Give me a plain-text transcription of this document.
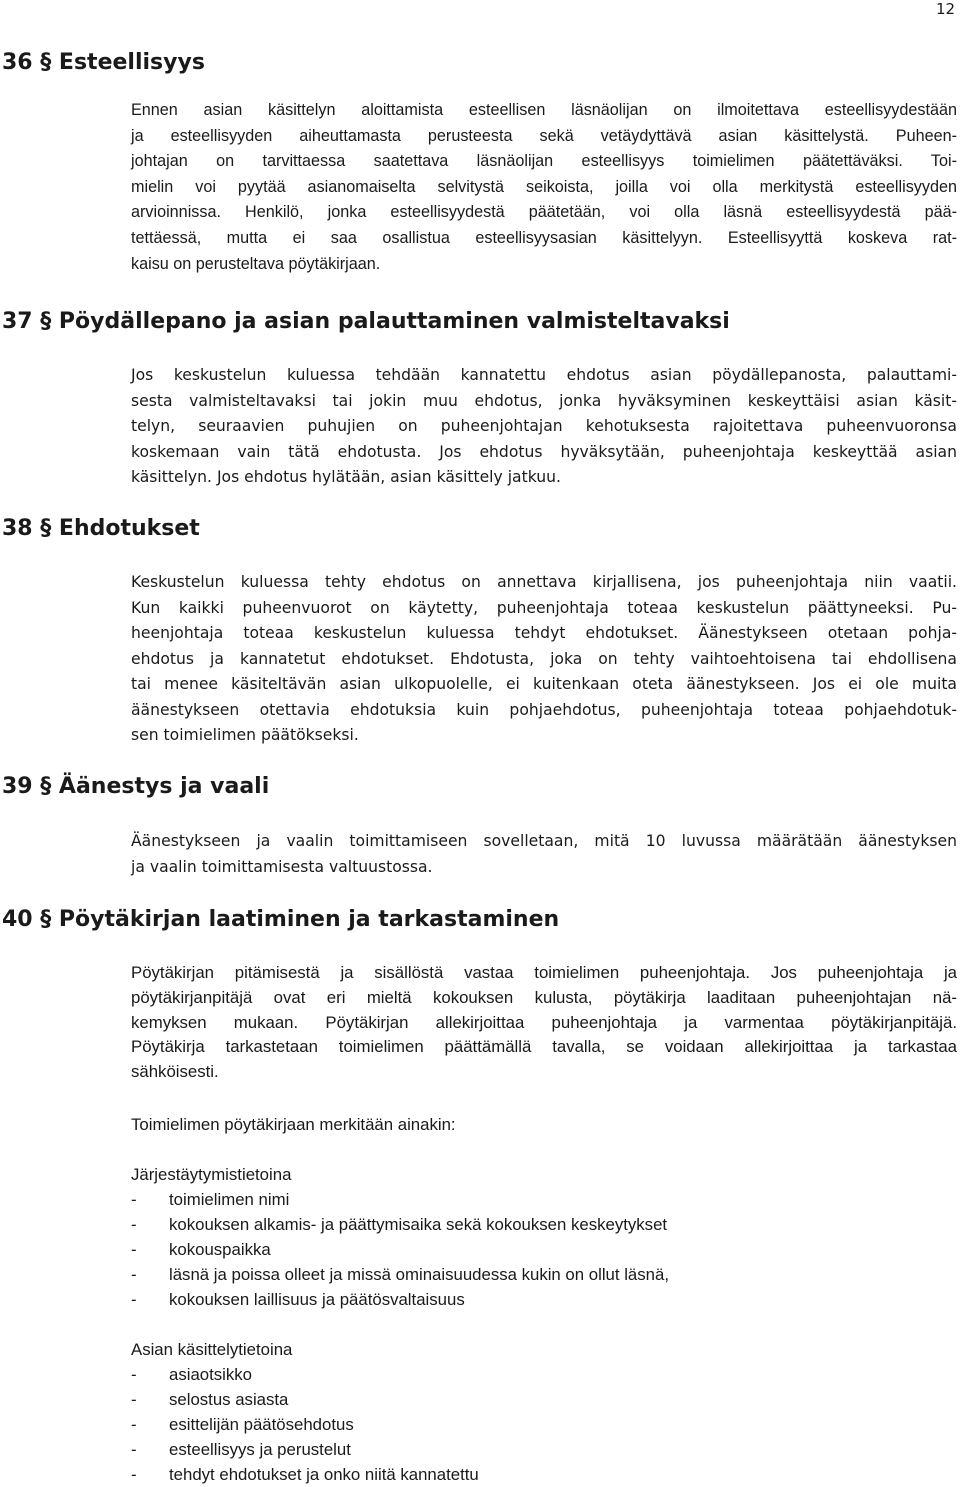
12
36 § Esteellisyys
Ennen asian käsittelyn aloittamista esteellisen läsnäolijan on ilmoitettava esteellisyydestään
ja esteellisyyden aiheuttamasta perusteesta sekä vetäydyttävä asian käsittelystä. Puheen-
johtajan on tarvittaessa saatettava läsnäolijan esteellisyys toimielimen päätettäväksi. Toi-
mielin voi pyytää asianomaiselta selvitystä seikoista, joilla voi olla merkitystä esteellisyyden
arvioinnissa. Henkilö, jonka esteellisyydestä päätetään, voi olla läsnä esteellisyydestä pää-
tettäessä, mutta ei saa osallistua esteellisyysasian käsittelyyn. Esteellisyyttä koskeva rat-
kaisu on perusteltava pöytäkirjaan.
37 § Pöydällepano ja asian palauttaminen valmisteltavaksi
Jos keskustelun kuluessa tehdään kannatettu ehdotus asian pöydällepanosta, palauttami-
sesta valmisteltavaksi tai jokin muu ehdotus, jonka hyväksyminen keskeyttäisi asian käsit-
telyn, seuraavien puhujien on puheenjohtajan kehotuksesta rajoitettava puheenvuoronsa
koskemaan vain tätä ehdotusta. Jos ehdotus hyväksytään, puheenjohtaja keskeyttää asian
käsittelyn. Jos ehdotus hylätään, asian käsittely jatkuu.
38 § Ehdotukset
Keskustelun kuluessa tehty ehdotus on annettava kirjallisena, jos puheenjohtaja niin vaatii.
Kun kaikki puheenvuorot on käytetty, puheenjohtaja toteaa keskustelun päättyneeksi. Pu-
heenjohtaja toteaa keskustelun kuluessa tehdyt ehdotukset. Äänestykseen otetaan pohja-
ehdotus ja kannatetut ehdotukset. Ehdotusta, joka on tehty vaihtoehtoisena tai ehdollisena
tai menee käsiteltävän asian ulkopuolelle, ei kuitenkaan oteta äänestykseen. Jos ei ole muita
äänestykseen otettavia ehdotuksia kuin pohjaehdotus, puheenjohtaja toteaa pohjaehdotuk-
sen toimielimen päätökseksi.
39 § Äänestys ja vaali
Äänestykseen ja vaalin toimittamiseen sovelletaan, mitä 10 luvussa määrätään äänestyksen
ja vaalin toimittamisesta valtuustossa.
40 § Pöytäkirjan laatiminen ja tarkastaminen
Pöytäkirjan pitämisestä ja sisällöstä vastaa toimielimen puheenjohtaja. Jos puheenjohtaja ja
pöytäkirjanpitäjä ovat eri mieltä kokouksen kulusta, pöytäkirja laaditaan puheenjohtajan nä-
kemyksen mukaan. Pöytäkirjan allekirjoittaa puheenjohtaja ja varmentaa pöytäkirjanpitäjä.
Pöytäkirja tarkastetaan toimielimen päättämällä tavalla, se voidaan allekirjoittaa ja tarkastaa
sähköisesti.

Toimielimen pöytäkirjaan merkitään ainakin:

Järjestäytymistietoina

- toimielimen nimi
- kokouksen alkamis- ja päättymisaika sekä kokouksen keskeytykset
- kokouspaikka
- läsnä ja poissa olleet ja missä ominaisuudessa kukin on ollut läsnä,
- kokouksen laillisuus ja päätösvaltaisuus

Asian käsittelytietoina

- asiaotsikko
- selostus asiasta
- esittelijän päätösehdotus
- esteellisyys ja perustelut
- tehdyt ehdotukset ja onko niitä kannatettu
